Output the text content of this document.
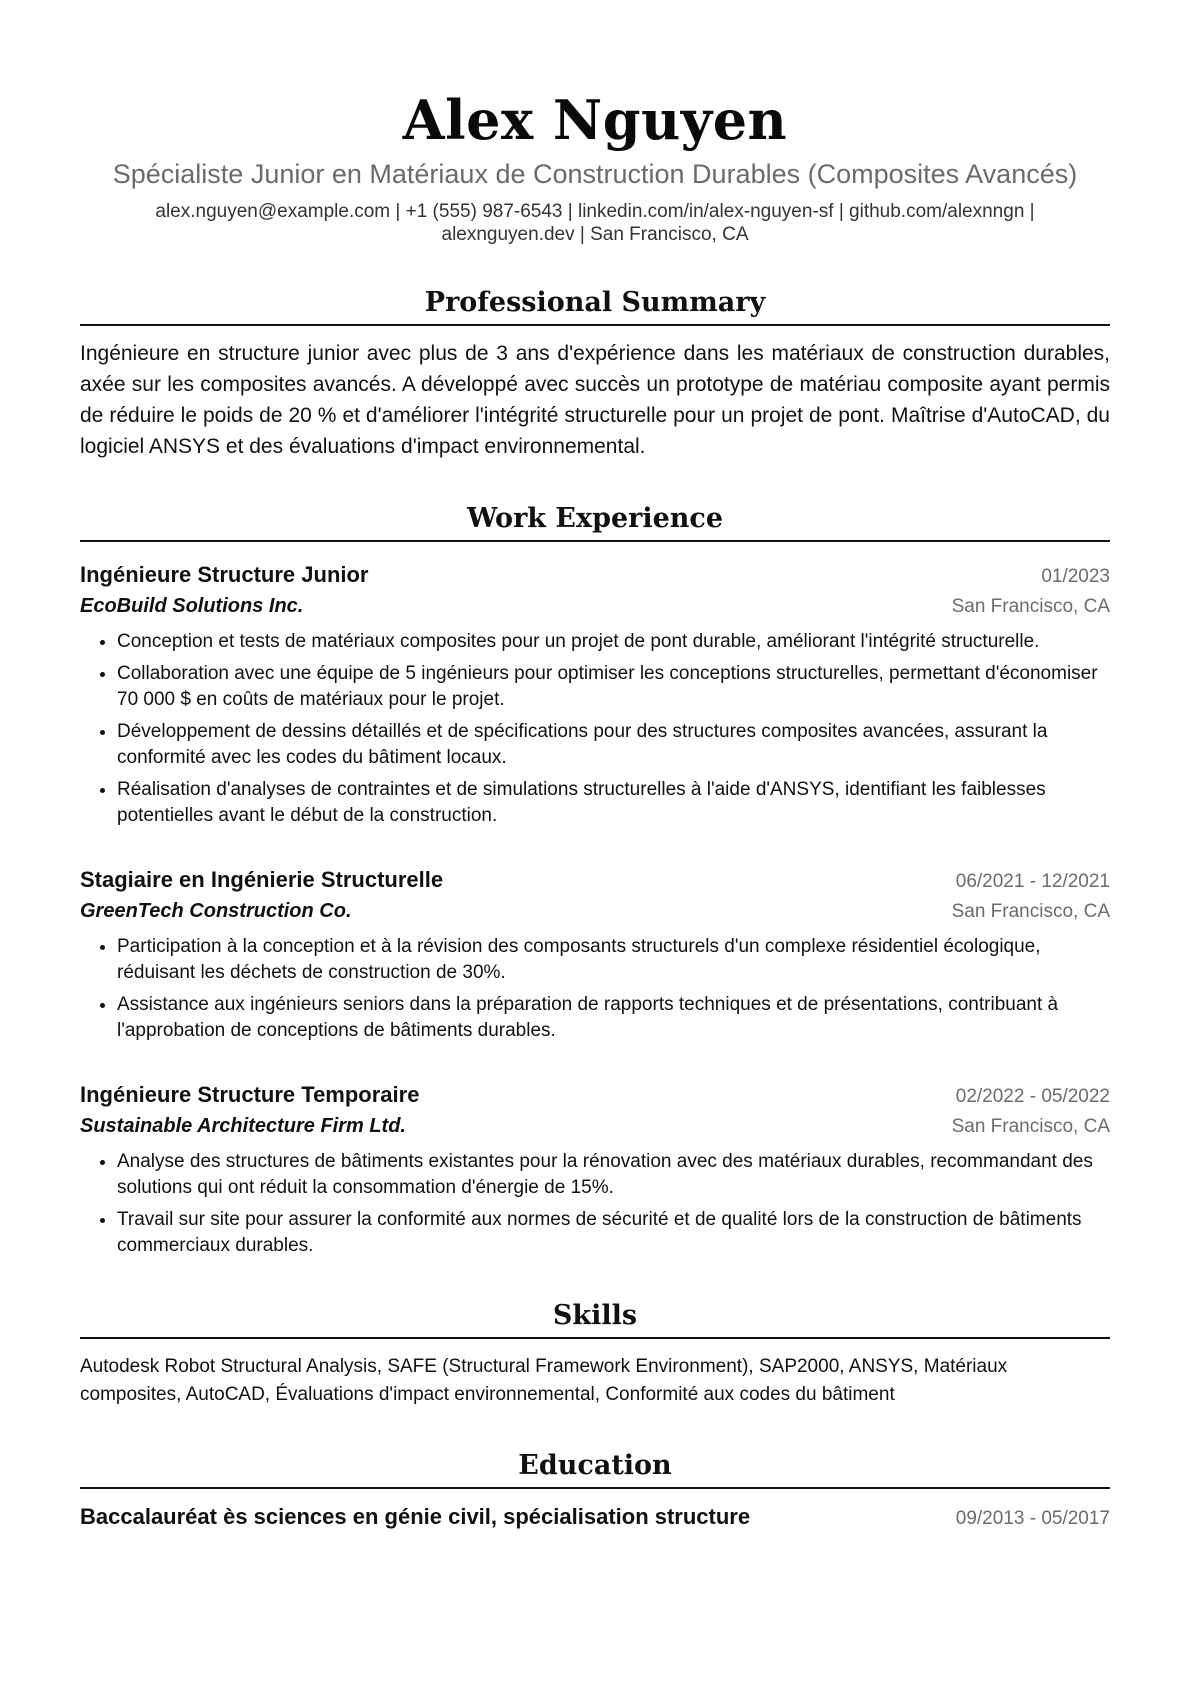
Alex Nguyen
Spécialiste Junior en Matériaux de Construction Durables (Composites Avancés)
alex.nguyen@example.com | +1 (555) 987-6543 | linkedin.com/in/alex-nguyen-sf | github.com/alexnngn | alexnguyen.dev | San Francisco, CA
Professional Summary

Ingénieure en structure junior avec plus de 3 ans d'expérience dans les matériaux de construction durables, axée sur les composites avancés. A développé avec succès un prototype de matériau composite ayant permis de réduire le poids de 20 % et d'améliorer l'intégrité structurelle pour un projet de pont. Maîtrise d'AutoCAD, du logiciel ANSYS et des évaluations d'impact environnemental.

Work Experience
Ingénieure Structure Junior	01/2023
EcoBuild Solutions Inc.	San Francisco, CA
• Conception et tests de matériaux composites pour un projet de pont durable, améliorant l'intégrité structurelle.
• Collaboration avec une équipe de 5 ingénieurs pour optimiser les conceptions structurelles, permettant d'économiser 70 000 $ en coûts de matériaux pour le projet.
• Développement de dessins détaillés et de spécifications pour des structures composites avancées, assurant la conformité avec les codes du bâtiment locaux.
• Réalisation d'analyses de contraintes et de simulations structurelles à l'aide d'ANSYS, identifiant les faiblesses potentielles avant le début de la construction.
Stagiaire en Ingénierie Structurelle	06/2021 - 12/2021
GreenTech Construction Co.	San Francisco, CA
• Participation à la conception et à la révision des composants structurels d'un complexe résidentiel écologique, réduisant les déchets de construction de 30%.
• Assistance aux ingénieurs seniors dans la préparation de rapports techniques et de présentations, contribuant à l'approbation de conceptions de bâtiments durables.
Ingénieure Structure Temporaire	02/2022 - 05/2022
Sustainable Architecture Firm Ltd.	San Francisco, CA
• Analyse des structures de bâtiments existantes pour la rénovation avec des matériaux durables, recommandant des solutions qui ont réduit la consommation d'énergie de 15%.
• Travail sur site pour assurer la conformité aux normes de sécurité et de qualité lors de la construction de bâtiments commerciaux durables.
Skills

Autodesk Robot Structural Analysis, SAFE (Structural Framework Environment), SAP2000, ANSYS, Matériaux composites, AutoCAD, Évaluations d'impact environnemental, Conformité aux codes du bâtiment

Education
Baccalauréat ès sciences en génie civil, spécialisation structure	09/2013 - 05/2017
